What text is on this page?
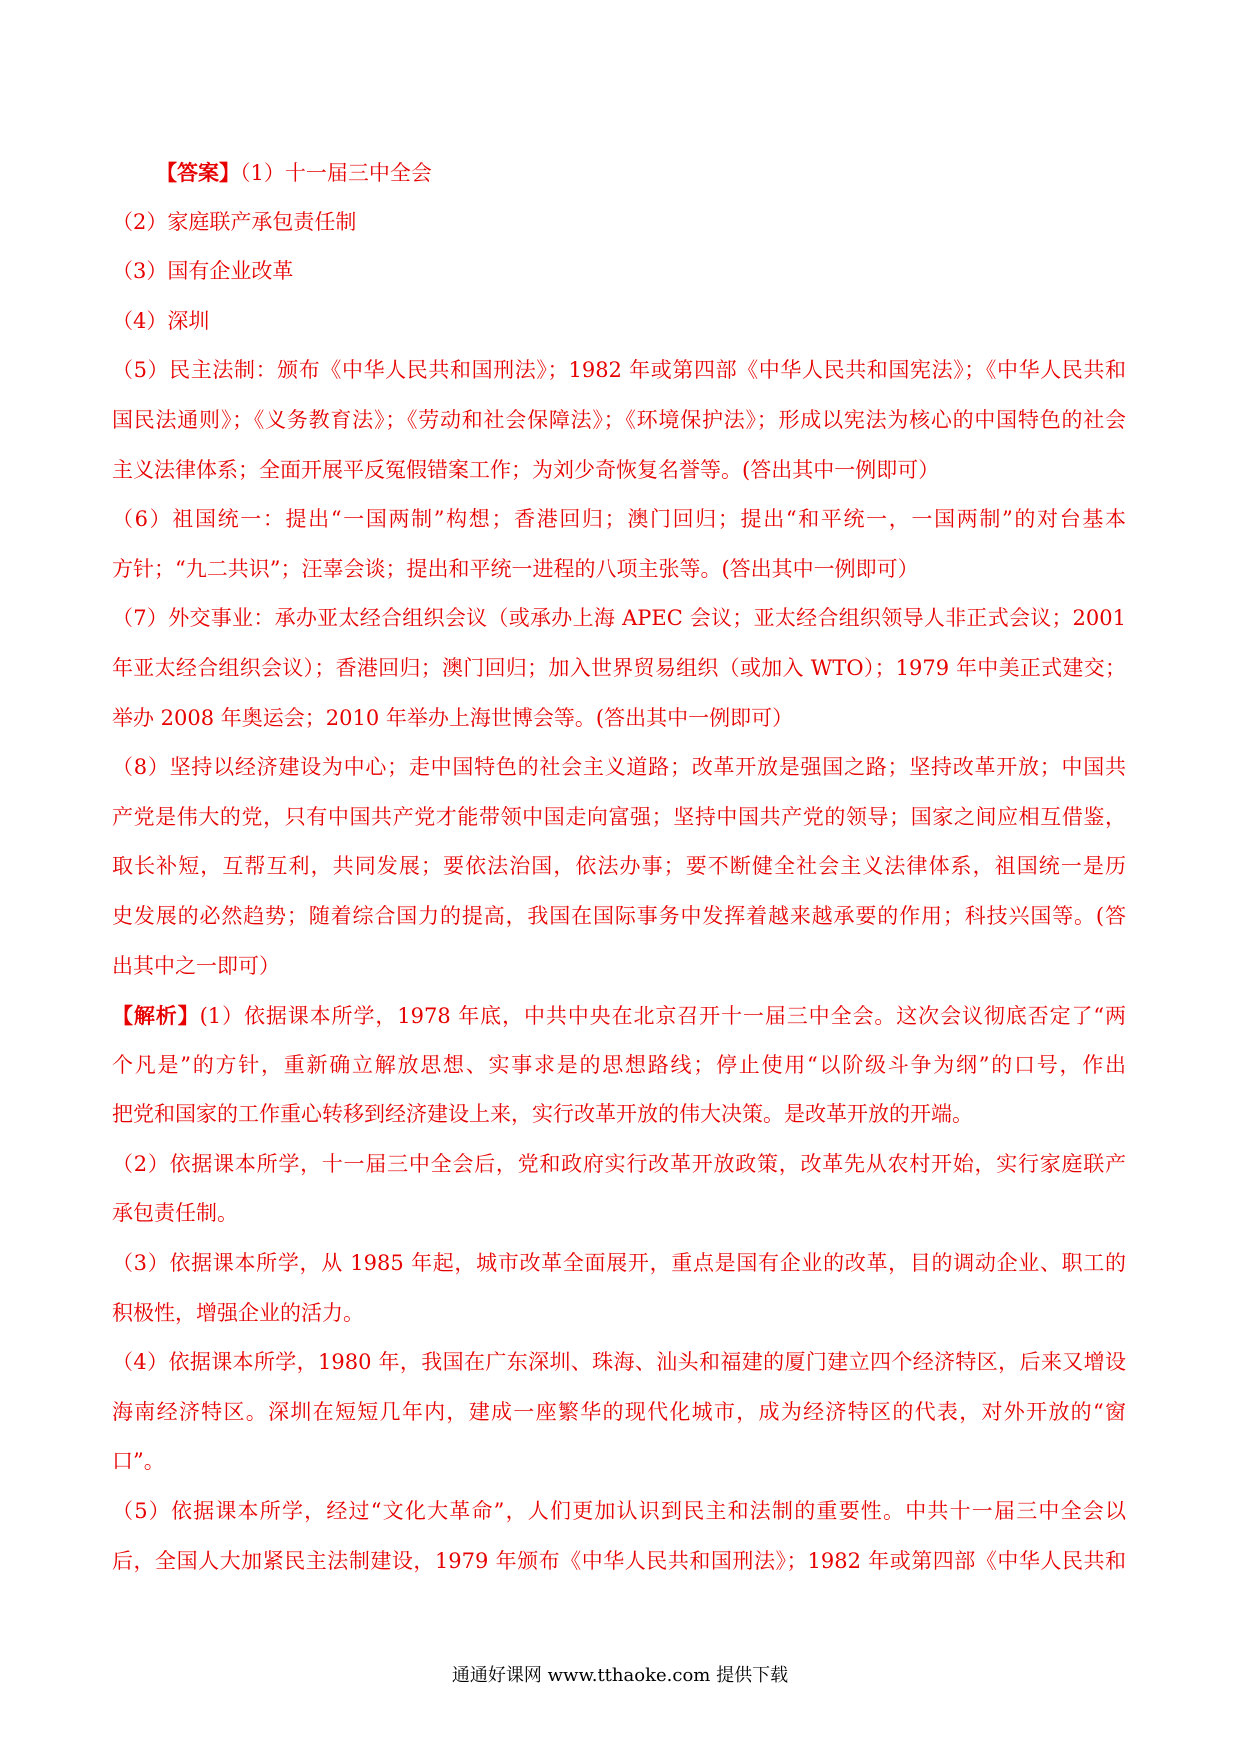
【答案】（1）十一届三中全会
（2）家庭联产承包责任制
（3）国有企业改革
（4）深圳
（5）民主法制：颁布《中华人民共和国刑法》；1982 年或第四部《中华人民共和国宪法》；《中华人民共和
国民法通则》；《义务教育法》；《劳动和社会保障法》；《环境保护法》；形成以宪法为核心的中国特色的社会
主义法律体系；全面开展平反冤假错案工作；为刘少奇恢复名誉等。(答出其中一例即可）
（6）祖国统一：提出“一国两制”构想；香港回归；澳门回归；提出“和平统一，一国两制”的对台基本
方针；“九二共识”；汪辜会谈；提出和平统一进程的八项主张等。(答出其中一例即可）
（7）外交事业：承办亚太经合组织会议（或承办上海 APEC 会议；亚太经合组织领导人非正式会议；2001
年亚太经合组织会议）；香港回归；澳门回归；加入世界贸易组织（或加入 WTO）；1979 年中美正式建交；
举办 2008 年奥运会；2010 年举办上海世博会等。(答出其中一例即可）
（8）坚持以经济建设为中心；走中国特色的社会主义道路；改革开放是强国之路；坚持改革开放；中国共
产党是伟大的党，只有中国共产党才能带领中国走向富强；坚持中国共产党的领导；国家之间应相互借鉴，
取长补短，互帮互利，共同发展；要依法治国，依法办事；要不断健全社会主义法律体系，祖国统一是历
史发展的必然趋势；随着综合国力的提高，我国在国际事务中发挥着越来越承要的作用；科技兴国等。(答
出其中之一即可）
【解析】(1）依据课本所学，1978 年底，中共中央在北京召开十一届三中全会。这次会议彻底否定了“两
个凡是”的方针，重新确立解放思想、实事求是的思想路线；停止使用“以阶级斗争为纲”的口号，作出
把党和国家的工作重心转移到经济建设上来，实行改革开放的伟大决策。是改革开放的开端。
（2）依据课本所学，十一届三中全会后，党和政府实行改革开放政策，改革先从农村开始，实行家庭联产
承包责任制。
（3）依据课本所学，从 1985 年起，城市改革全面展开，重点是国有企业的改革，目的调动企业、职工的
积极性，增强企业的活力。
（4）依据课本所学，1980 年，我国在广东深圳、珠海、汕头和福建的厦门建立四个经济特区，后来又增设
海南经济特区。深圳在短短几年内，建成一座繁华的现代化城市，成为经济特区的代表，对外开放的“窗
口”。
（5）依据课本所学，经过“文化大革命”，人们更加认识到民主和法制的重要性。中共十一届三中全会以
后，全国人大加紧民主法制建设，1979 年颁布《中华人民共和国刑法》；1982 年或第四部《中华人民共和
通通好课网 www.tthaoke.com 提供下载
